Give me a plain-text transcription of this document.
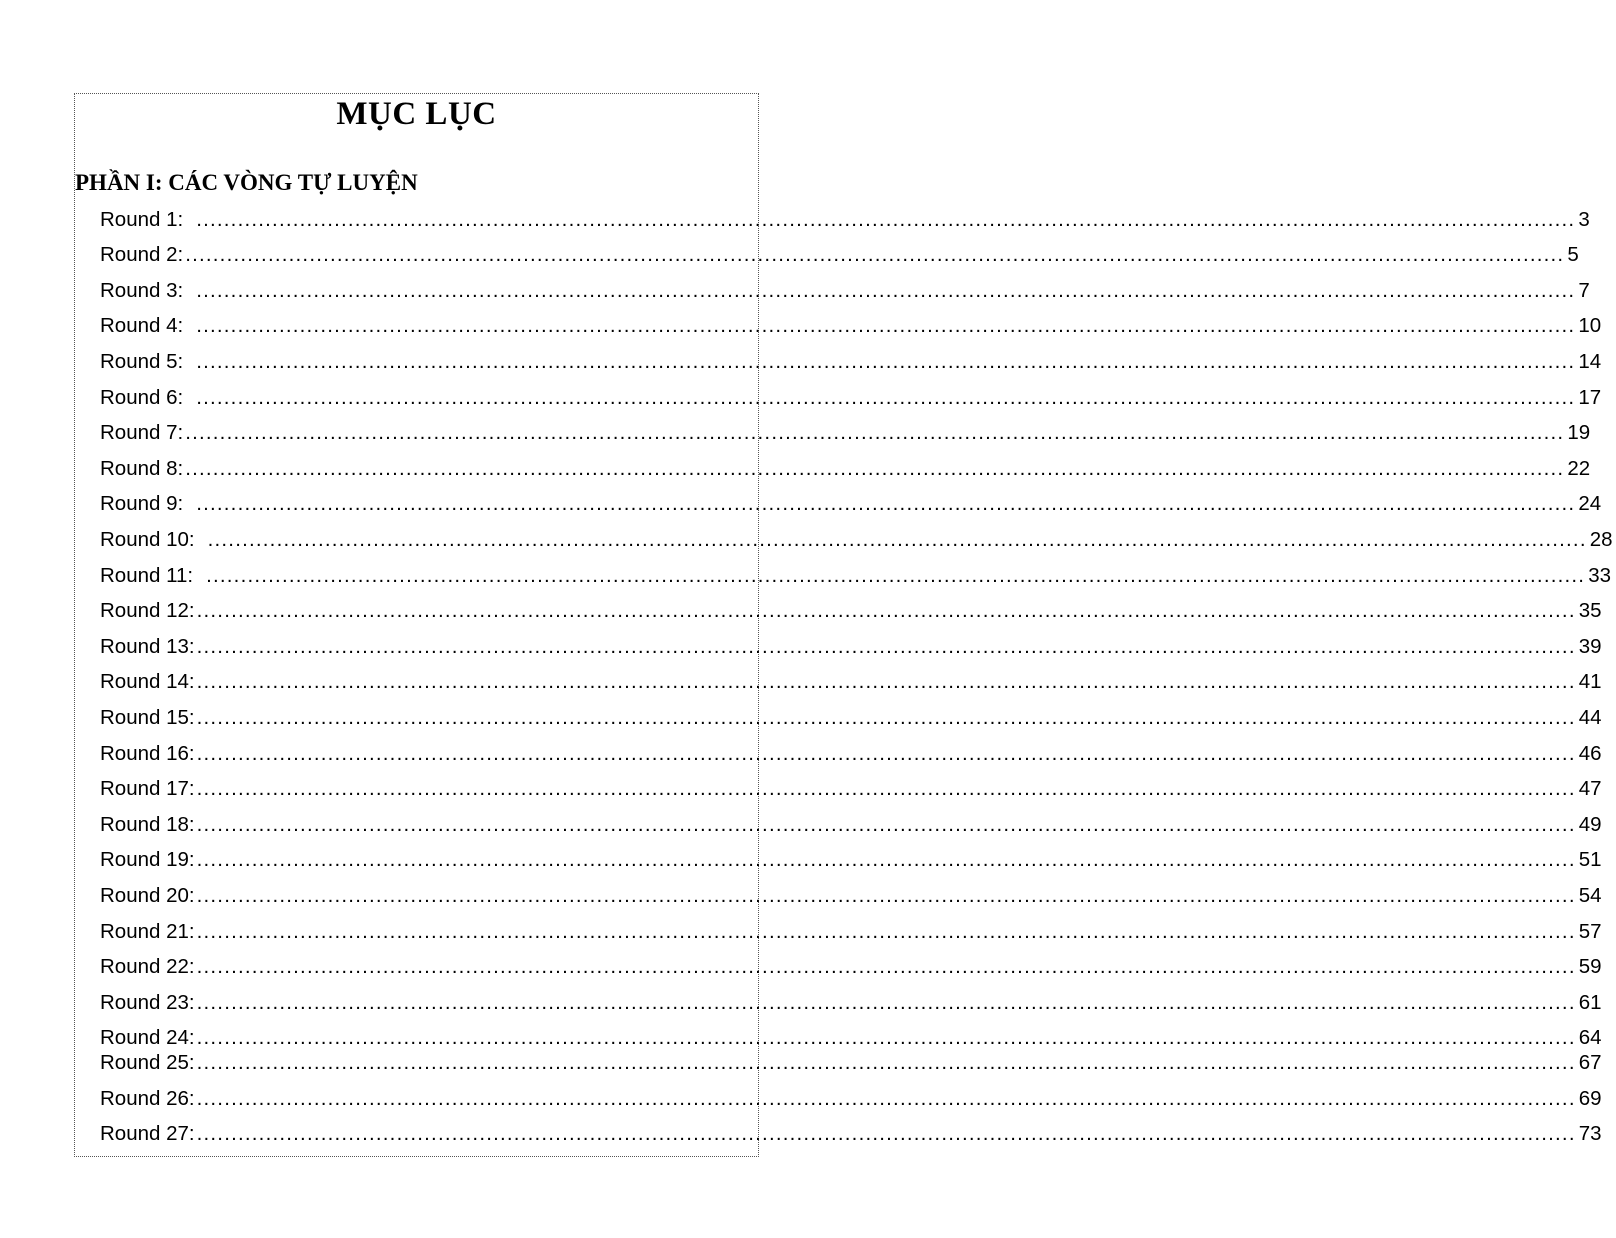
MỤC LỤC
PHẦN I: CÁC VÒNG TỰ LUYỆN
Round 1: ........................................................................................................................................................................................................ 3
Round 2: ........................................................................................................................................................................................................ 5
Round 3: ........................................................................................................................................................................................................ 7
Round 4: ........................................................................................................................................................................................................ 10
Round 5: ........................................................................................................................................................................................................ 14
Round 6: ........................................................................................................................................................................................................ 17
Round 7: ........................................................................................................................................................................................................ 19
Round 8: ........................................................................................................................................................................................................ 22
Round 9: ........................................................................................................................................................................................................ 24
Round 10: ........................................................................................................................................................................................................ 28
Round 11: ........................................................................................................................................................................................................ 33
Round 12: ........................................................................................................................................................................................................ 35
Round 13: ........................................................................................................................................................................................................ 39
Round 14: ........................................................................................................................................................................................................ 41
Round 15: ........................................................................................................................................................................................................ 44
Round 16: ........................................................................................................................................................................................................ 46
Round 17: ........................................................................................................................................................................................................ 47
Round 18: ........................................................................................................................................................................................................ 49
Round 19: ........................................................................................................................................................................................................ 51
Round 20: ........................................................................................................................................................................................................ 54
Round 21: ........................................................................................................................................................................................................ 57
Round 22: ........................................................................................................................................................................................................ 59
Round 23: ........................................................................................................................................................................................................ 61
Round 24: ........................................................................................................................................................................................................ 64
Round 25: ........................................................................................................................................................................................................ 67
Round 26: ........................................................................................................................................................................................................ 69
Round 27: ........................................................................................................................................................................................................ 73
